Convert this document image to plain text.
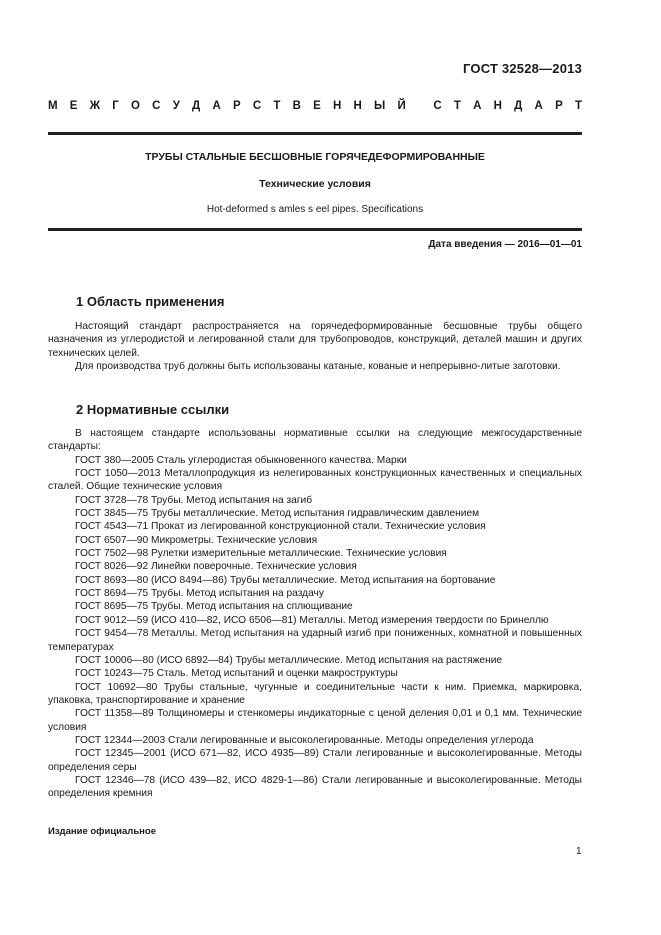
ГОСТ 32528—2013
М Е Ж Г О С У Д А Р С Т В Е Н Н Ы Й
С Т А Н Д А Р Т
ТРУБЫ СТАЛЬНЫЕ БЕСШОВНЫЕ ГОРЯЧЕДЕФОРМИРОВАННЫЕ
Технические условия
Hot-deformed s amles s eel pipes. Specifications
Дата введения — 2016—01—01
1 Область применения

Настоящий стандарт распространяется на горячедеформированные бесшовные трубы общего назначения из углеродистой и легированной стали для трубопроводов, конструкций, деталей машин и других технических целей.

Для производства труб должны быть использованы катаные, кованые и непрерывно-литые заготовки.

2 Нормативные ссылки

В настоящем стандарте использованы нормативные ссылки на следующие межгосударственные стандарты:

ГОСТ 380—2005 Сталь углеродистая обыкновенного качества. Марки

ГОСТ 1050—2013 Металлопродукция из нелегированных конструкционных качественных и специальных сталей. Общие технические условия

ГОСТ 3728—78 Трубы. Метод испытания на загиб

ГОСТ 3845—75 Трубы металлические. Метод испытания гидравлическим давлением

ГОСТ 4543—71 Прокат из легированной конструкционной стали. Технические условия

ГОСТ 6507—90 Микрометры. Технические условия

ГОСТ 7502—98 Рулетки измерительные металлические. Технические условия

ГОСТ 8026—92 Линейки поверочные. Технические условия

ГОСТ 8693—80 (ИСО 8494—86) Трубы металлические. Метод испытания на бортование

ГОСТ 8694—75 Трубы. Метод испытания на раздачу

ГОСТ 8695—75 Трубы. Метод испытания на сплющивание

ГОСТ 9012—59 (ИСО 410—82, ИСО 6506—81) Металлы. Метод измерения твердости по Бринеллю

ГОСТ 9454—78 Металлы. Метод испытания на ударный изгиб при пониженных, комнатной и повышенных температурах

ГОСТ 10006—80 (ИСО 6892—84) Трубы металлические. Метод испытания на растяжение

ГОСТ 10243—75 Сталь. Метод испытаний и оценки макроструктуры

ГОСТ 10692—80 Трубы стальные, чугунные и соединительные части к ним. Приемка, маркировка, упаковка, транспортирование и хранение

ГОСТ 11358—89 Толщиномеры и стенкомеры индикаторные с ценой деления 0,01 и 0,1 мм. Технические условия

ГОСТ 12344—2003 Стали легированные и высоколегированные. Методы определения углерода

ГОСТ 12345—2001 (ИСО 671—82, ИСО 4935—89) Стали легированные и высоколегированные. Методы определения серы

ГОСТ 12346—78 (ИСО 439—82, ИСО 4829-1—86) Стали легированные и высоколегированные. Методы определения кремния

Издание официальное
1
